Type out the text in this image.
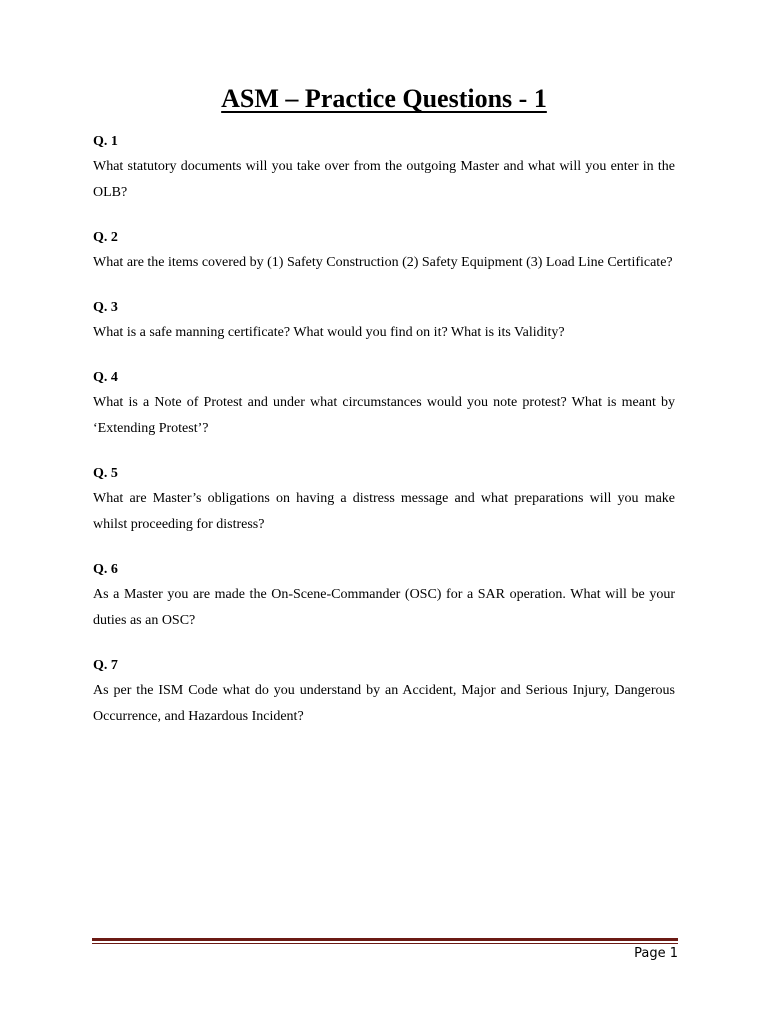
ASM – Practice Questions - 1
Q. 1
What statutory documents will you take over from the outgoing Master and what will you enter in the OLB?
Q. 2
What are the items covered by (1) Safety Construction (2) Safety Equipment (3) Load Line Certificate?
Q. 3
What is a safe manning certificate? What would you find on it? What is its Validity?
Q. 4
What is a Note of Protest and under what circumstances would you note protest? What is meant by ‘Extending Protest’?
Q. 5
What are Master’s obligations on having a distress message and what preparations will you make whilst proceeding for distress?
Q. 6
As a Master you are made the On-Scene-Commander (OSC) for a SAR operation. What will be your duties as an OSC?
Q. 7
As per the ISM Code what do you understand by an Accident, Major and Serious Injury, Dangerous Occurrence, and Hazardous Incident?
Page 1
